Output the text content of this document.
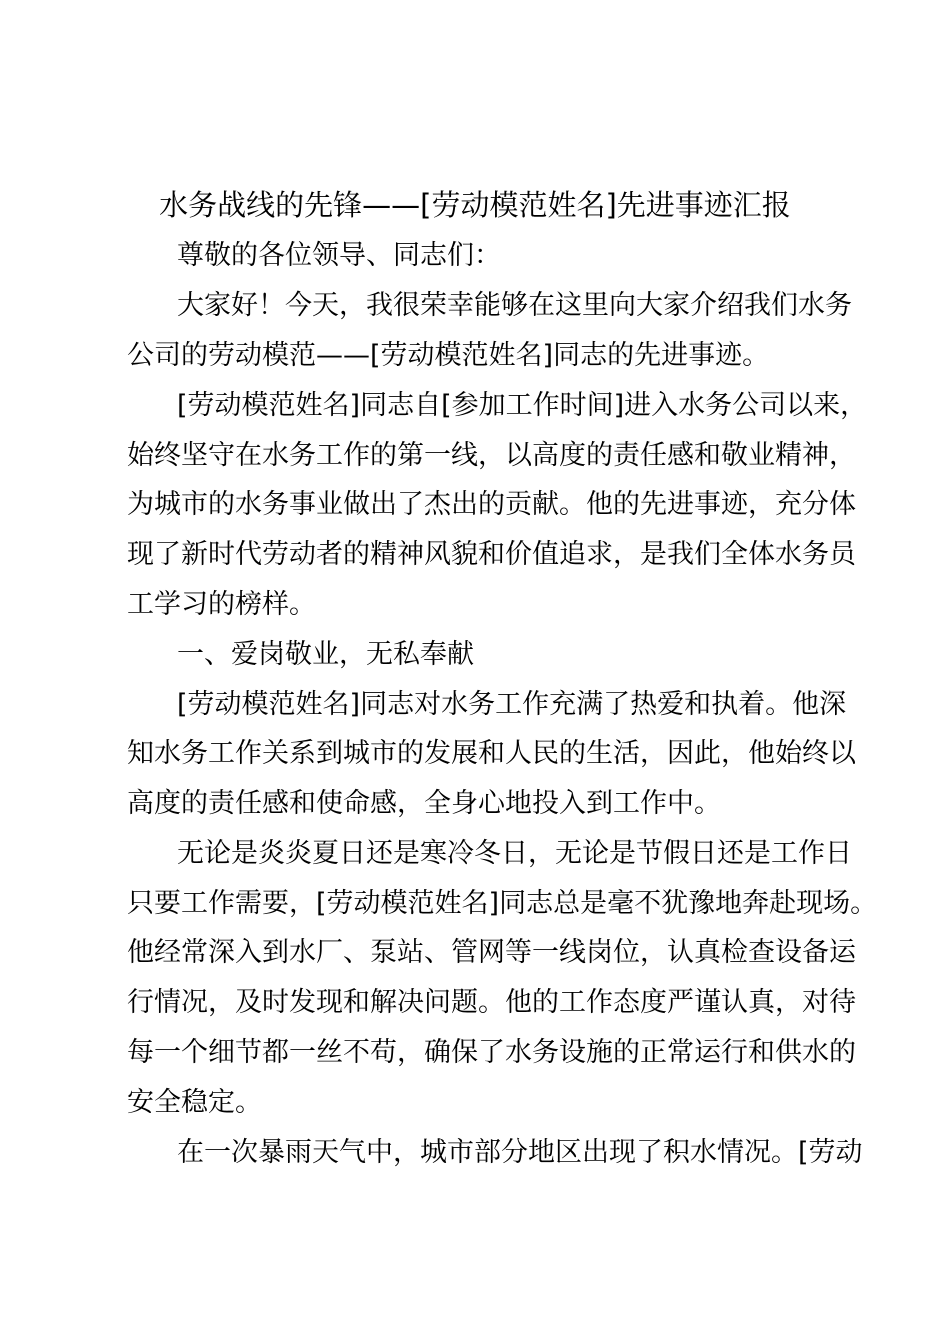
水务战线的先锋——[劳动模范姓名]先进事迹汇报
尊敬的各位领导、同志们：
大家好！今天，我很荣幸能够在这里向大家介绍我们水务
公司的劳动模范——[劳动模范姓名]同志的先进事迹。
[劳动模范姓名]同志自[参加工作时间]进入水务公司以来，
始终坚守在水务工作的第一线，以高度的责任感和敬业精神，
为城市的水务事业做出了杰出的贡献。他的先进事迹，充分体
现了新时代劳动者的精神风貌和价值追求，是我们全体水务员
工学习的榜样。
一、爱岗敬业，无私奉献
[劳动模范姓名]同志对水务工作充满了热爱和执着。他深
知水务工作关系到城市的发展和人民的生活，因此，他始终以
高度的责任感和使命感，全身心地投入到工作中。
无论是炎炎夏日还是寒冷冬日，无论是节假日还是工作日
只要工作需要，[劳动模范姓名]同志总是毫不犹豫地奔赴现场。
他经常深入到水厂、泵站、管网等一线岗位，认真检查设备运
行情况，及时发现和解决问题。他的工作态度严谨认真，对待
每一个细节都一丝不苟，确保了水务设施的正常运行和供水的
安全稳定。
在一次暴雨天气中，城市部分地区出现了积水情况。[劳动
